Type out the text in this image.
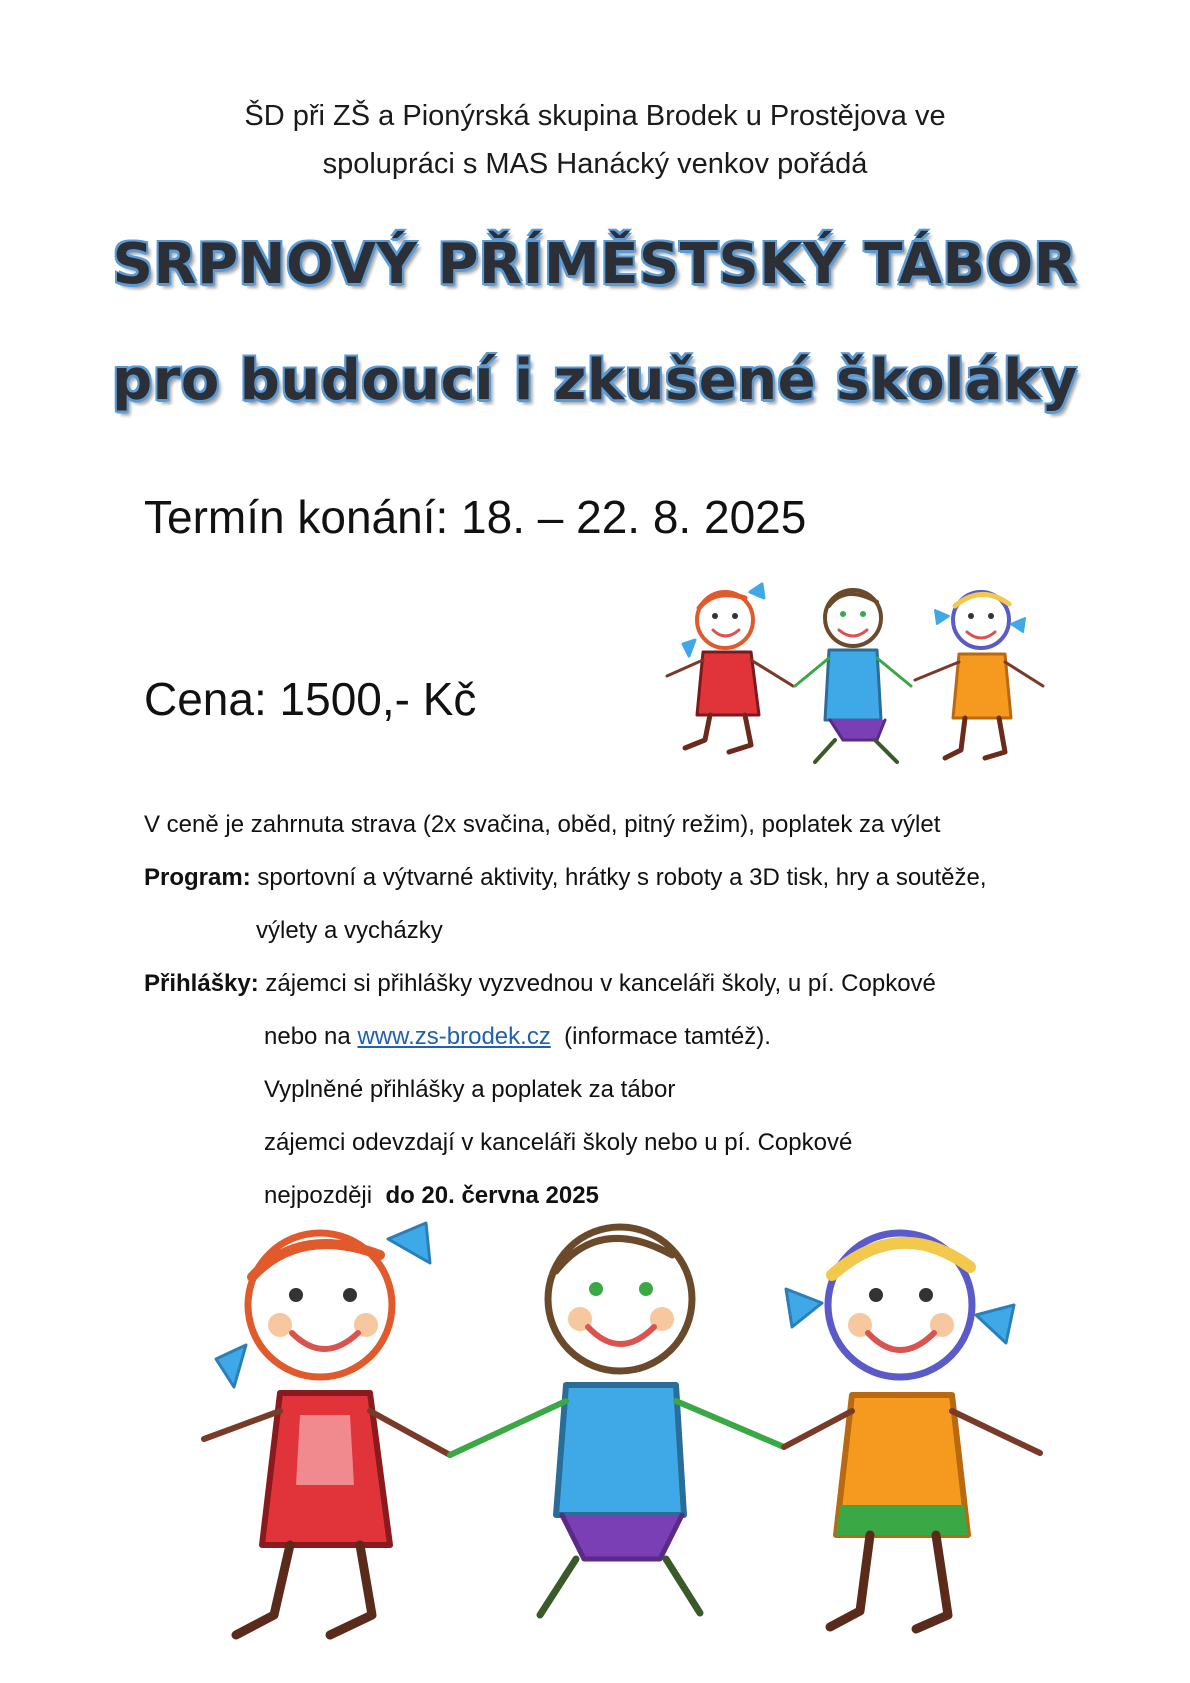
ŠD při ZŠ a Pionýrská skupina Brodek u Prostějova ve
spolupráci s MAS Hanácký venkov pořádá
SRPNOVÝ PŘÍMĚSTSKÝ TÁBOR
pro budoucí i zkušené školáky
Termín konání: 18. – 22. 8. 2025
Cena: 1500,- Kč
V ceně je zahrnuta strava (2x svačina, oběd, pitný režim), poplatek za výlet
Program: sportovní a výtvarné aktivity, hrátky s roboty a 3D tisk, hry a soutěže,
výlety a vycházky
Přihlášky: zájemci si přihlášky vyzvednou v kanceláři školy, u pí. Copkové
nebo na www.zs-brodek.cz (informace tamtéž).
Vyplněné přihlášky a poplatek za tábor
zájemci odevzdají v kanceláři školy nebo u pí. Copkové
nejpozději do 20. června 2025
